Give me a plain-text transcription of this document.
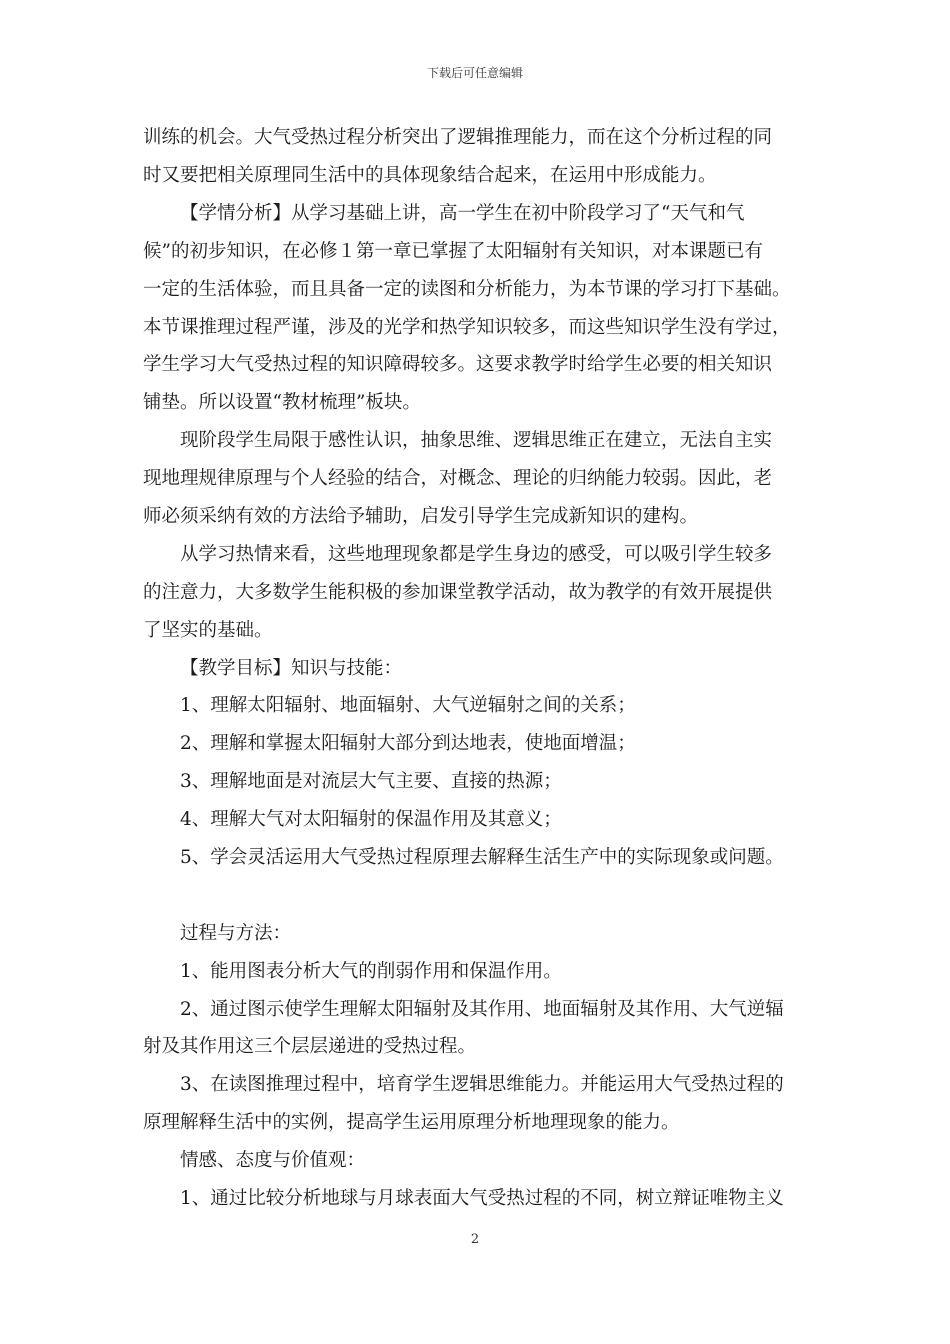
下载后可任意编辑
训练的机会。大气受热过程分析突出了逻辑推理能力，而在这个分析过程的同
时又要把相关原理同生活中的具体现象结合起来，在运用中形成能力。
【学情分析】从学习基础上讲，高一学生在初中阶段学习了“天气和气
候”的初步知识，在必修１第一章已掌握了太阳辐射有关知识，对本课题已有
一定的生活体验，而且具备一定的读图和分析能力，为本节课的学习打下基础。
本节课推理过程严谨，涉及的光学和热学知识较多，而这些知识学生没有学过，
学生学习大气受热过程的知识障碍较多。这要求教学时给学生必要的相关知识
铺垫。所以设置“教材梳理”板块。
现阶段学生局限于感性认识，抽象思维、逻辑思维正在建立，无法自主实
现地理规律原理与个人经验的结合，对概念、理论的归纳能力较弱。因此，老
师必须采纳有效的方法给予辅助，启发引导学生完成新知识的建构。
从学习热情来看，这些地理现象都是学生身边的感受，可以吸引学生较多
的注意力，大多数学生能积极的参加课堂教学活动，故为教学的有效开展提供
了坚实的基础。
【教学目标】知识与技能：
1、理解太阳辐射、地面辐射、大气逆辐射之间的关系；
2、理解和掌握太阳辐射大部分到达地表，使地面增温；
3、理解地面是对流层大气主要、直接的热源；
4、理解大气对太阳辐射的保温作用及其意义；
5、学会灵活运用大气受热过程原理去解释生活生产中的实际现象或问题。
过程与方法：
1、能用图表分析大气的削弱作用和保温作用。
2、通过图示使学生理解太阳辐射及其作用、地面辐射及其作用、大气逆辐
射及其作用这三个层层递进的受热过程。
3、在读图推理过程中，培育学生逻辑思维能力。并能运用大气受热过程的
原理解释生活中的实例，提高学生运用原理分析地理现象的能力。
情感、态度与价值观：
1、通过比较分析地球与月球表面大气受热过程的不同，树立辩证唯物主义
2
